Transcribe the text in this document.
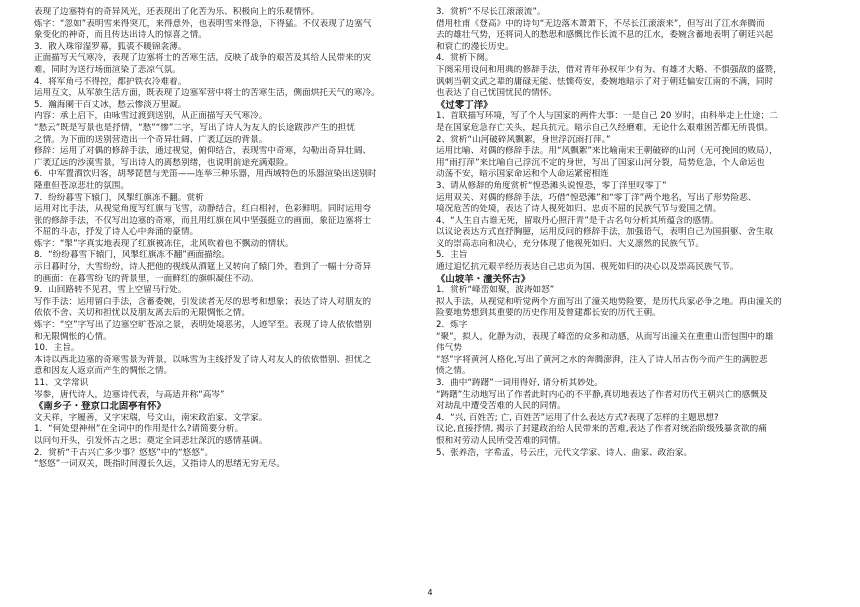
表现了边塞特有的奇异风光，还表现出了化苦为乐、积极向上的乐观情怀。
炼字：“忽如”表明雪来得突兀，来得意外，也表明雪来得急，下得猛。不仅表现了边塞气
象变化的神奇，而且传达出诗人的惊喜之情。
3．散入珠帘湿罗幕，狐裘不暖锦衾薄。
正面描写天气寒冷，表现了边塞将士的苦寒生活，反映了战争的艰苦及其给人民带来的灾
难，同时为送行场面渲染了悲凉气氛。
4．将军角弓不得控，都护铁衣冷难着。
运用互文，从军旅生活方面，既表现了边塞军营中将士的苦寒生活，侧面烘托天气的寒冷。
5．瀚海阑干百丈冰，愁云惨淡万里凝。
内容：承上启下，由咏雪过渡到送别，从正面描写天气寒冷。
“愁云”既是写景也是抒情，“愁”“惨”二字，写出了诗人为友人的长途跋涉产生的担忧
之情。为下面的送别营造出一个奇异壮阔、广袤辽远的背景。
修辞：运用了对偶的修辞手法，通过视觉，俯仰结合，表现雪中奇寒，勾勒出奇异壮阔、
广袤辽远的沙漠雪景，写出诗人的离愁别绪，也说明前途充满艰险。
6．中军置酒饮归客，胡琴琵琶与羌笛——连举三种乐器，用西域特色的乐器渲染出送别时
隆重但苍凉悲壮的氛围。
7．纷纷暮雪下辕门，风掣红旗冻不翻。赏析
运用对比手法，从视觉角度写红旗与飞雪，动静结合，红白相衬，色彩鲜明。同时运用夸
张的修辞手法，不仅写出边塞的奇寒，而且用红旗在风中坚强挺立的画面，象征边塞将士
不屈的斗志，抒发了诗人心中奔涌的豪情。
炼字：“掣”字真实地表现了红旗被冻住，北风吹着也不飘动的情状。
8．“纷纷暮雪下辕门，风掣红旗冻不翻”画面描绘。
示日暮时分，大雪纷纷，诗人把他的视线从酒筵上又转向了辕门外，看到了一幅十分奇异
的画面：在暮雪纷飞的背景里，一面鲜红的旗帜凝住不动。
9．山回路转不见君，雪上空留马行处。
写作手法：运用留白手法，含蓄委婉，引发读者无尽的思考和想象；表达了诗人对朋友的
依依不舍、关切和担忧以及朋友离去后的无限惆怅之情。
炼字：“空”字写出了边塞空旷苍凉之景，表明处境恶劣，人迹罕至。表现了诗人依依惜别
和无限惆怅的心情。
10．主旨。
本诗以西北边塞的奇寒雪景为背景，以咏雪为主线抒发了诗人对友人的依依惜别、担忧之
意和因友人返京而产生的惆怅之情。
11、文学常识
岑参，唐代诗人，边塞诗代表，与高适并称“高岑”
《南乡子・登京口北固亭有怀》
文天祥，字履善，又字宋瑞，号文山，南宋政治家、文学家。
1．“何处望神州”在全词中的作用是什么?请简要分析。
以问句开头，引发怀古之思；奠定全词悲壮深沉的感情基调。
2．赏析“千古兴亡多少事？悠悠”中的“悠悠”。
“悠悠”一词双关，既指时间漫长久远，又指诗人的思绪无穷无尽。
3．赏析“不尽长江滚滚流”。
借用杜甫《登高》中的诗句“无边落木萧萧下，不尽长江滚滚来”，但写出了江水奔腾而
去的雄壮气势，还将词人的愁思和感慨比作长流不息的江水，委婉含蓄地表明了朝廷兴起
和衰亡的漫长历史。
4．赏析下阕。
下阕采用设问和用典的修辞手法，借对青年孙权年少有为、有雄才大略、不惧强敌的盛赞，
讽刺当朝文武之辈的庸碌无能、怯懦苟安，委婉地暗示了对于朝廷偏安江南的不满，同时
也表达了自己忧国忧民的情怀。
《过零丁洋》
1、首联描写环境，写了个人与国家的两件大事：一是自己 20 岁时，由科举走上仕途；二
是在国家危急存亡关头，起兵抗元。暗示自己久经磨难，无论什么艰难困苦都无所畏惧。
2、赏析“山河破碎风飘絮，身世浮沉雨打萍。”
运用比喻、对偶的修辞手法。用“风飘絮”来比喻南宋王朝破碎的山河（无可挽回的败局），
用“雨打萍”来比喻自己浮沉不定的身世，写出了国家山河分裂，局势危急，个人命运也
动荡不安，暗示国家命运和个人命运紧密相连
3、请从修辞的角度赏析“惶恐滩头说惶恐，零丁洋里叹零丁”
运用双关、对偶的修辞手法，巧借“惶恐滩”和“零丁洋”两个地名，写出了形势险恶、
境况危苦的处境，表达了诗人视死如归、忠贞不屈的民族气节与爱国之情。
4、“人生自古谁无死，留取丹心照汗青”是千古名句分析其所蕴含的感情。
以议论表达方式直抒胸臆，运用反问的修辞手法，加强语气，表明自己为国捐躯、舍生取
义的崇高志向和决心，充分体现了他视死如归、大义凛然的民族气节。
5．主旨
通过追忆抗元艰辛经历表达自己忠贞为国、视死如归的决心以及崇高民族气节。
《山坡羊・潼关怀古》
1．赏析“峰峦如聚，波涛如怒”
拟人手法，从视觉和听觉两个方面写出了潼关地势险要，是历代兵家必争之地。再由潼关的
险要地势想到其重要的历史作用及曾建都长安的历代王朝。
2．炼字
“聚”，拟人，化静为动，表现了峰峦的众多和动感，从而写出潼关在重重山峦包围中的雄
伟气势
“怒”字将黄河人格化,写出了黄河之水的奔腾澎湃，注入了诗人吊古伤今而产生的满腔悲
愤之情。
3．曲中“踌躇”一词用得好, 请分析其妙处。
“踌躇”生动地写出了作者此时内心的不平静,真切地表达了作者对历代王朝兴亡的感慨及
对劫乱中遭受苦难的人民的同情。
4．“兴, 百姓苦; 亡, 百姓苦”运用了什么表达方式?表现了怎样的主题思想?
议论,直接抒情, 揭示了封建政治给人民带来的苦难,表达了作者对统治阶级残暴贪欲的痛
恨和对劳动人民所受苦难的同情。
5、张养浩，字希孟，号云庄，元代文学家、诗人、曲家、政治家。
4
